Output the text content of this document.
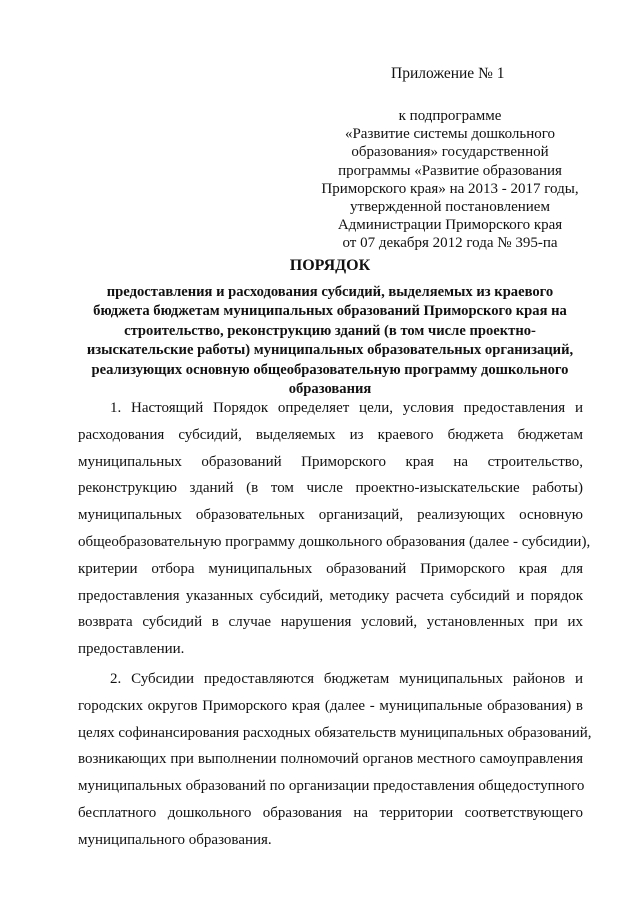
Приложение № 1
к подпрограмме
«Развитие системы дошкольного
образования» государственной
программы «Развитие образования
Приморского края» на 2013 - 2017 годы,
утвержденной постановлением
Администрации Приморского края
от 07 декабря 2012 года № 395-па
ПОРЯДОК
предоставления и расходования субсидий, выделяемых из краевого
бюджета бюджетам муниципальных образований Приморского края на
строительство, реконструкцию зданий (в том числе проектно-
изыскательские работы) муниципальных образовательных организаций,
реализующих основную общеобразовательную программу дошкольного
образования
1. Настоящий Порядок определяет цели, условия предоставления и
расходования субсидий, выделяемых из краевого бюджета бюджетам
муниципальных образований Приморского края на строительство,
реконструкцию зданий (в том числе проектно-изыскательские работы)
муниципальных образовательных организаций, реализующих основную
общеобразовательную программу дошкольного образования (далее - субсидии),
критерии отбора муниципальных образований Приморского края для
предоставления указанных субсидий, методику расчета субсидий и порядок
возврата субсидий в случае нарушения условий, установленных при их
предоставлении.
2. Субсидии предоставляются бюджетам муниципальных районов и
городских округов Приморского края (далее - муниципальные образования) в
целях софинансирования расходных обязательств муниципальных образований,
возникающих при выполнении полномочий органов местного самоуправления
муниципальных образований по организации предоставления общедоступного
бесплатного дошкольного образования на территории соответствующего
муниципального образования.
